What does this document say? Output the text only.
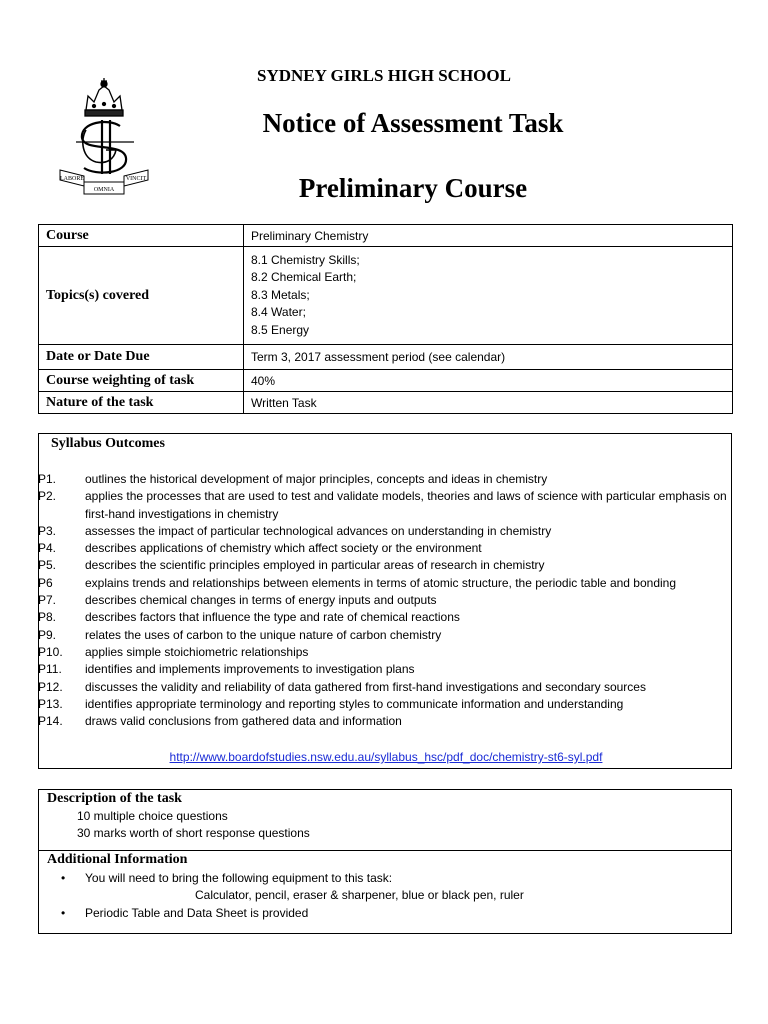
LABORE	VINCIT
OMNIA
SYDNEY GIRLS HIGH SCHOOL
Notice of Assessment Task
Preliminary Course
Course	Preliminary Chemistry
Topics(s) covered	8.1 Chemistry Skills;
8.2 Chemical Earth;
8.3 Metals;
8.4 Water;
8.5 Energy

Date or Date Due	Term 3, 2017 assessment period (see calendar)
Course weighting of task	40%
Nature of the task	Written Task
Syllabus Outcomes
P1. outlines the historical development of major principles, concepts and ideas in chemistry
P2. applies the processes that are used to test and validate models, theories and laws of science with particular emphasis on first-hand investigations in chemistry
P3. assesses the impact of particular technological advances on understanding in chemistry
P4. describes applications of chemistry which affect society or the environment
P5. describes the scientific principles employed in particular areas of research in chemistry
P6	explains trends and relationships between elements in terms of atomic structure, the periodic table and bonding
P7. describes chemical changes in terms of energy inputs and outputs
P8. describes factors that influence the type and rate of chemical reactions
P9. relates the uses of carbon to the unique nature of carbon chemistry
P10. applies simple stoichiometric relationships
P11. identifies and implements improvements to investigation plans
P12. discusses the validity and reliability of data gathered from first-hand investigations and secondary sources
P13. identifies appropriate terminology and reporting styles to communicate information and understanding
P14. draws valid conclusions from gathered data and information
http://www.boardofstudies.nsw.edu.au/syllabus_hsc/pdf_doc/chemistry-st6-syl.pdf
Description of the task
10 multiple choice questions
30 marks worth of short response questions
Additional Information
• You will need to bring the following equipment to this task:
Calculator, pencil, eraser & sharpener, blue or black pen, ruler
• Periodic Table and Data Sheet is provided
